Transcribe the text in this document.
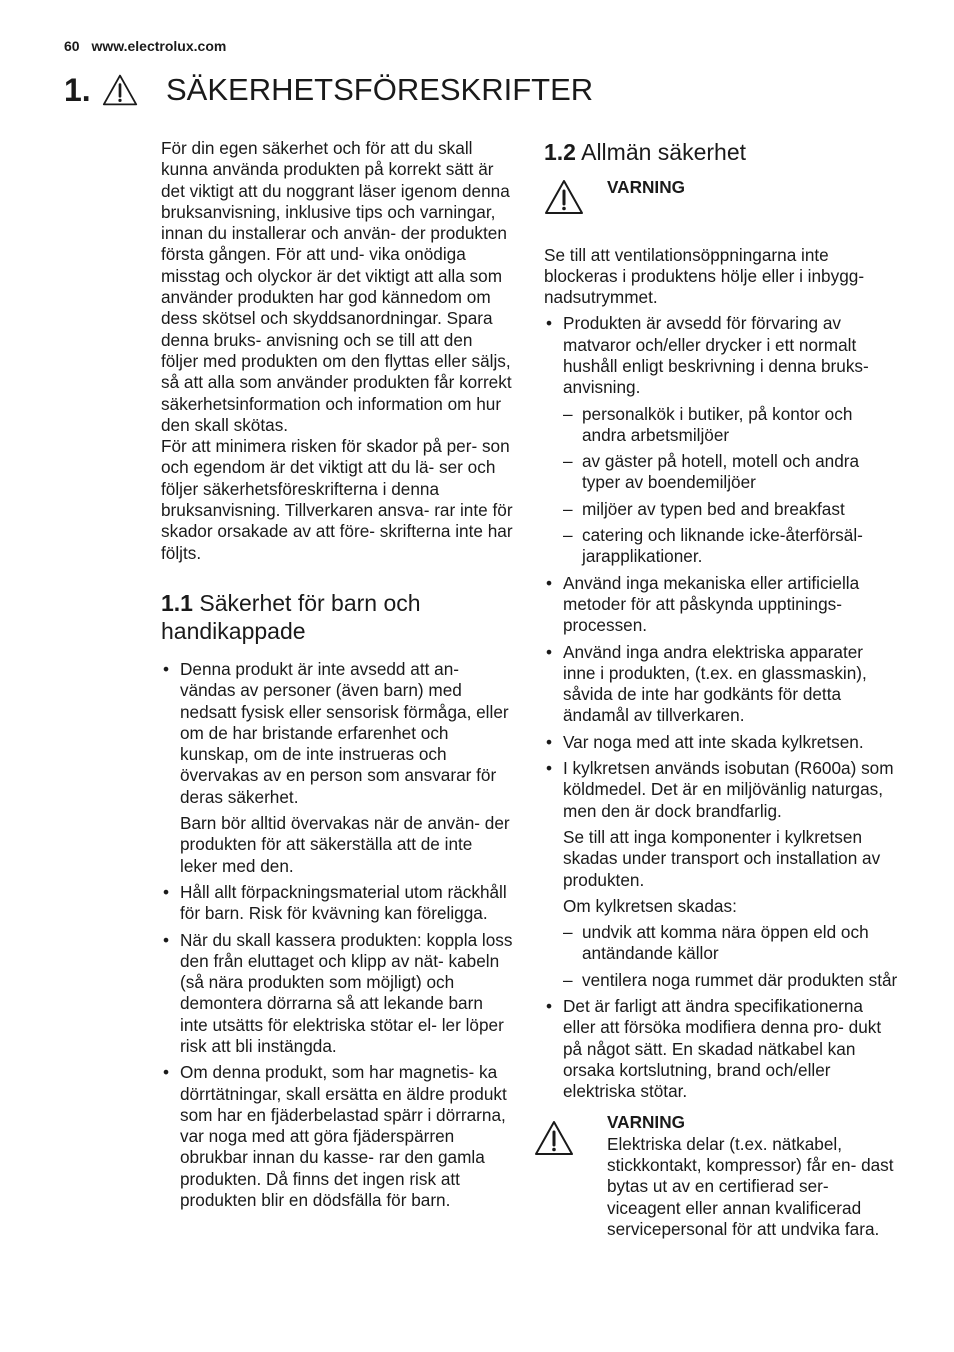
60 www.electrolux.com
1.	SÄKERHETSFÖRESKRIFTER

För din egen säkerhet och för att du skall kunna använda produkten på korrekt sätt är det viktigt att du noggrant läser igenom denna bruksanvisning, inklusive tips och varningar, innan du installerar och använ- der produkten första gången. För att und- vika onödiga misstag och olyckor är det viktigt att alla som använder produkten har god kännedom om dess skötsel och skyddsanordningar. Spara denna bruks- anvisning och se till att den följer med produkten om den flyttas eller säljs, så att alla som använder produkten får korrekt säkerhetsinformation och information om hur den skall skötas.

För att minimera risken för skador på per- son och egendom är det viktigt att du lä- ser och följer säkerhetsföreskrifterna i denna bruksanvisning. Tillverkaren ansva- rar inte för skador orsakade av att före- skrifterna inte har följts.

1.1 Säkerhet för barn och handikappade
• Denna produkt är inte avsedd att an- vändas av personer (även barn) med nedsatt fysisk eller sensorisk förmåga, eller om de har bristande erfarenhet och kunskap, om de inte instrueras och övervakas av en person som ansvarar för deras säkerhet.

Barn bör alltid övervakas när de använ- der produkten för att säkerställa att de inte leker med den.

• Håll allt förpackningsmaterial utom räckhåll för barn. Risk för kvävning kan föreligga.
• När du skall kassera produkten: koppla loss den från eluttaget och klipp av nät- kabeln (så nära produkten som möjligt) och demontera dörrarna så att lekande barn inte utsätts för elektriska stötar el- ler löper risk att bli instängda.
• Om denna produkt, som har magnetis- ka dörrtätningar, skall ersätta en äldre produkt som har en fjäderbelastad spärr i dörrarna, var noga med att göra fjäderspärren obrukbar innan du kasse- rar den gamla produkten. Då finns det ingen risk att produkten blir en dödsfälla för barn.
1.2 Allmän säkerhet
VARNING

Se till att ventilationsöppningarna inte blockeras i produktens hölje eller i inbygg- nadsutrymmet.

• Produkten är avsedd för förvaring av matvaror och/eller drycker i ett normalt hushåll enligt beskrivning i denna bruks- anvisning.
– personalkök i butiker, på kontor och andra arbetsmiljöer
– av gäster på hotell, motell och andra typer av boendemiljöer
– miljöer av typen bed and breakfast
– catering och liknande icke-återförsäl- jarapplikationer.
• Använd inga mekaniska eller artificiella metoder för att påskynda upptinings- processen.
• Använd inga andra elektriska apparater inne i produkten, (t.ex. en glassmaskin), såvida de inte har godkänts för detta ändamål av tillverkaren.
• Var noga med att inte skada kylkretsen.
• I kylkretsen används isobutan (R600a) som köldmedel. Det är en miljövänlig naturgas, men den är dock brandfarlig.

Se till att inga komponenter i kylkretsen skadas under transport och installation av produkten.

Om kylkretsen skadas:

– undvik att komma nära öppen eld och antändande källor
– ventilera noga rummet där produkten står
• Det är farligt att ändra specifikationerna eller att försöka modifiera denna pro- dukt på något sätt. En skadad nätkabel kan orsaka kortslutning, brand och/eller elektriska stötar.
VARNING
Elektriska delar (t.ex. nätkabel, stickkontakt, kompressor) får en- dast bytas ut av en certifierad ser- viceagent eller annan kvalificerad servicepersonal för att undvika fara.
